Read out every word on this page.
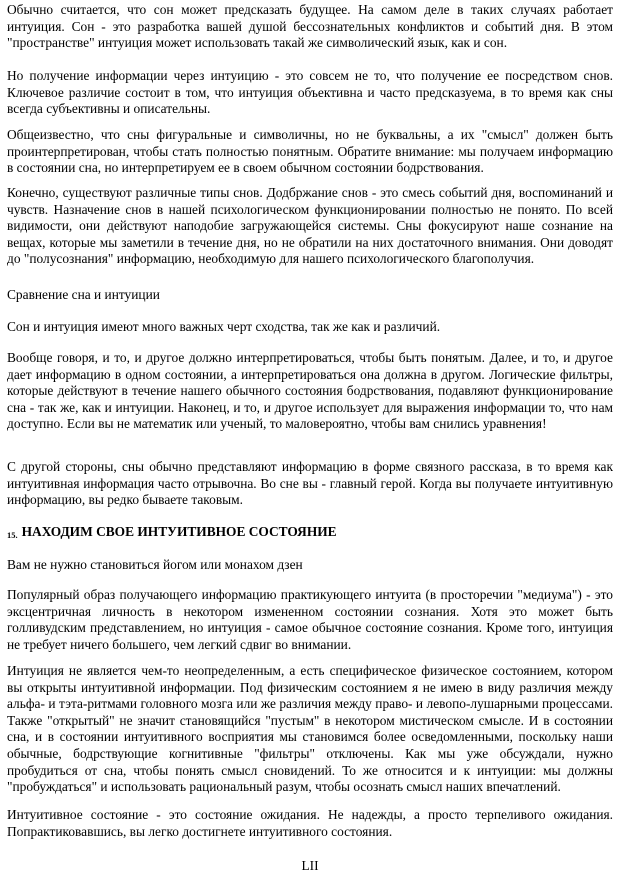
Обычно считается, что сон может предсказать будущее. На самом деле в таких случаях работает интуиция. Сон - это разработка вашей душой бессознательных конфликтов и событий дня. В этом "пространстве" интуиция может использовать такай же символический язык, как и сон.

Но получение информации через интуицию - это совсем не то, что получение ее посредством снов. Ключевое различие состоит в том, что интуиция объективна и часто предсказуема, в то время как сны всегда субъективны и описательны.

Общеизвестно, что сны фигуральные и символичны, но не буквальны, а их "смысл" должен быть проинтерпретирован, чтобы стать полностью понятным. Обратите внимание: мы получаем информацию в состоянии сна, но интерпретируем ее в своем обычном состоянии бодрствования.

Конечно, существуют различные типы снов. Додбржание снов - это смесь событий дня, воспоминаний и чувств. Назначение снов в нашей психологическом функционировании полностью не понято. По всей видимости, они действуют наподобие загружающейся системы. Сны фокусируют наше сознание на вещах, которые мы заметили в течение дня, но не обратили на них достаточного внимания. Они доводят до "полусознания" информацию, необходимую для нашего психологического благополучия.

Сравнение сна и интуиции

Сон и интуиция имеют много важных черт сходства, так же как и различий.

Вообще говоря, и то, и другое должно интерпретироваться, чтобы быть понятым. Далее, и то, и другое дает информацию в одном состоянии, а интерпретироваться она должна в другом. Логические фильтры, которые действуют в течение нашего обычного состояния бодрствования, подавляют функционирование сна - так же, как и интуиции. Наконец, и то, и другое использует для выражения информации то, что нам доступно. Если вы не математик или ученый, то маловероятно, чтобы вам снились уравнения!

С другой стороны, сны обычно представляют информацию в форме связного рассказа, в то время как интуитивная информация часто отрывочна. Во сне вы - главный герой. Когда вы получаете интуитивную информацию, вы редко бываете таковым.

15. НАХОДИМ СВОЕ ИНТУИТИВНОЕ СОСТОЯНИЕ

Вам не нужно становиться йогом или монахом дзен

Популярный образ получающего информацию практикующего интуита (в просторечии "медиума") - это эксцентричная личность в некотором измененном состоянии сознания. Хотя это может быть голливудским представлением, но интуиция - самое обычное состояние сознания. Кроме того, интуиция не требует ничего большего, чем легкий сдвиг во внимании.

Интуиция не является чем-то неопределенным, а есть специфическое физическое состоянием, котором вы открыты интуитивной информации. Под физическим состоянием я не имею в виду различия между альфа- и тэта-ритмами головного мозга или же различия между право- и левопо-лушарными процессами. Также "открытый" не значит становящийся "пустым" в некотором мистическом смысле. И в состоянии сна, и в состоянии интуитивного восприятия мы становимся более осведомленными, поскольку наши обычные, бодрствующие когнитивные "фильтры" отключены. Как мы уже обсуждали, нужно пробудиться от сна, чтобы понять смысл сновидений. То же относится и к интуиции: мы должны "пробуждаться" и использовать рациональный разум, чтобы осознать смысл наших впечатлений.

Интуитивное состояние - это состояние ожидания. Не надежды, а просто терпеливого ожидания. Попрактиковавшись, вы легко достигнете интуитивного состояния.

LII
